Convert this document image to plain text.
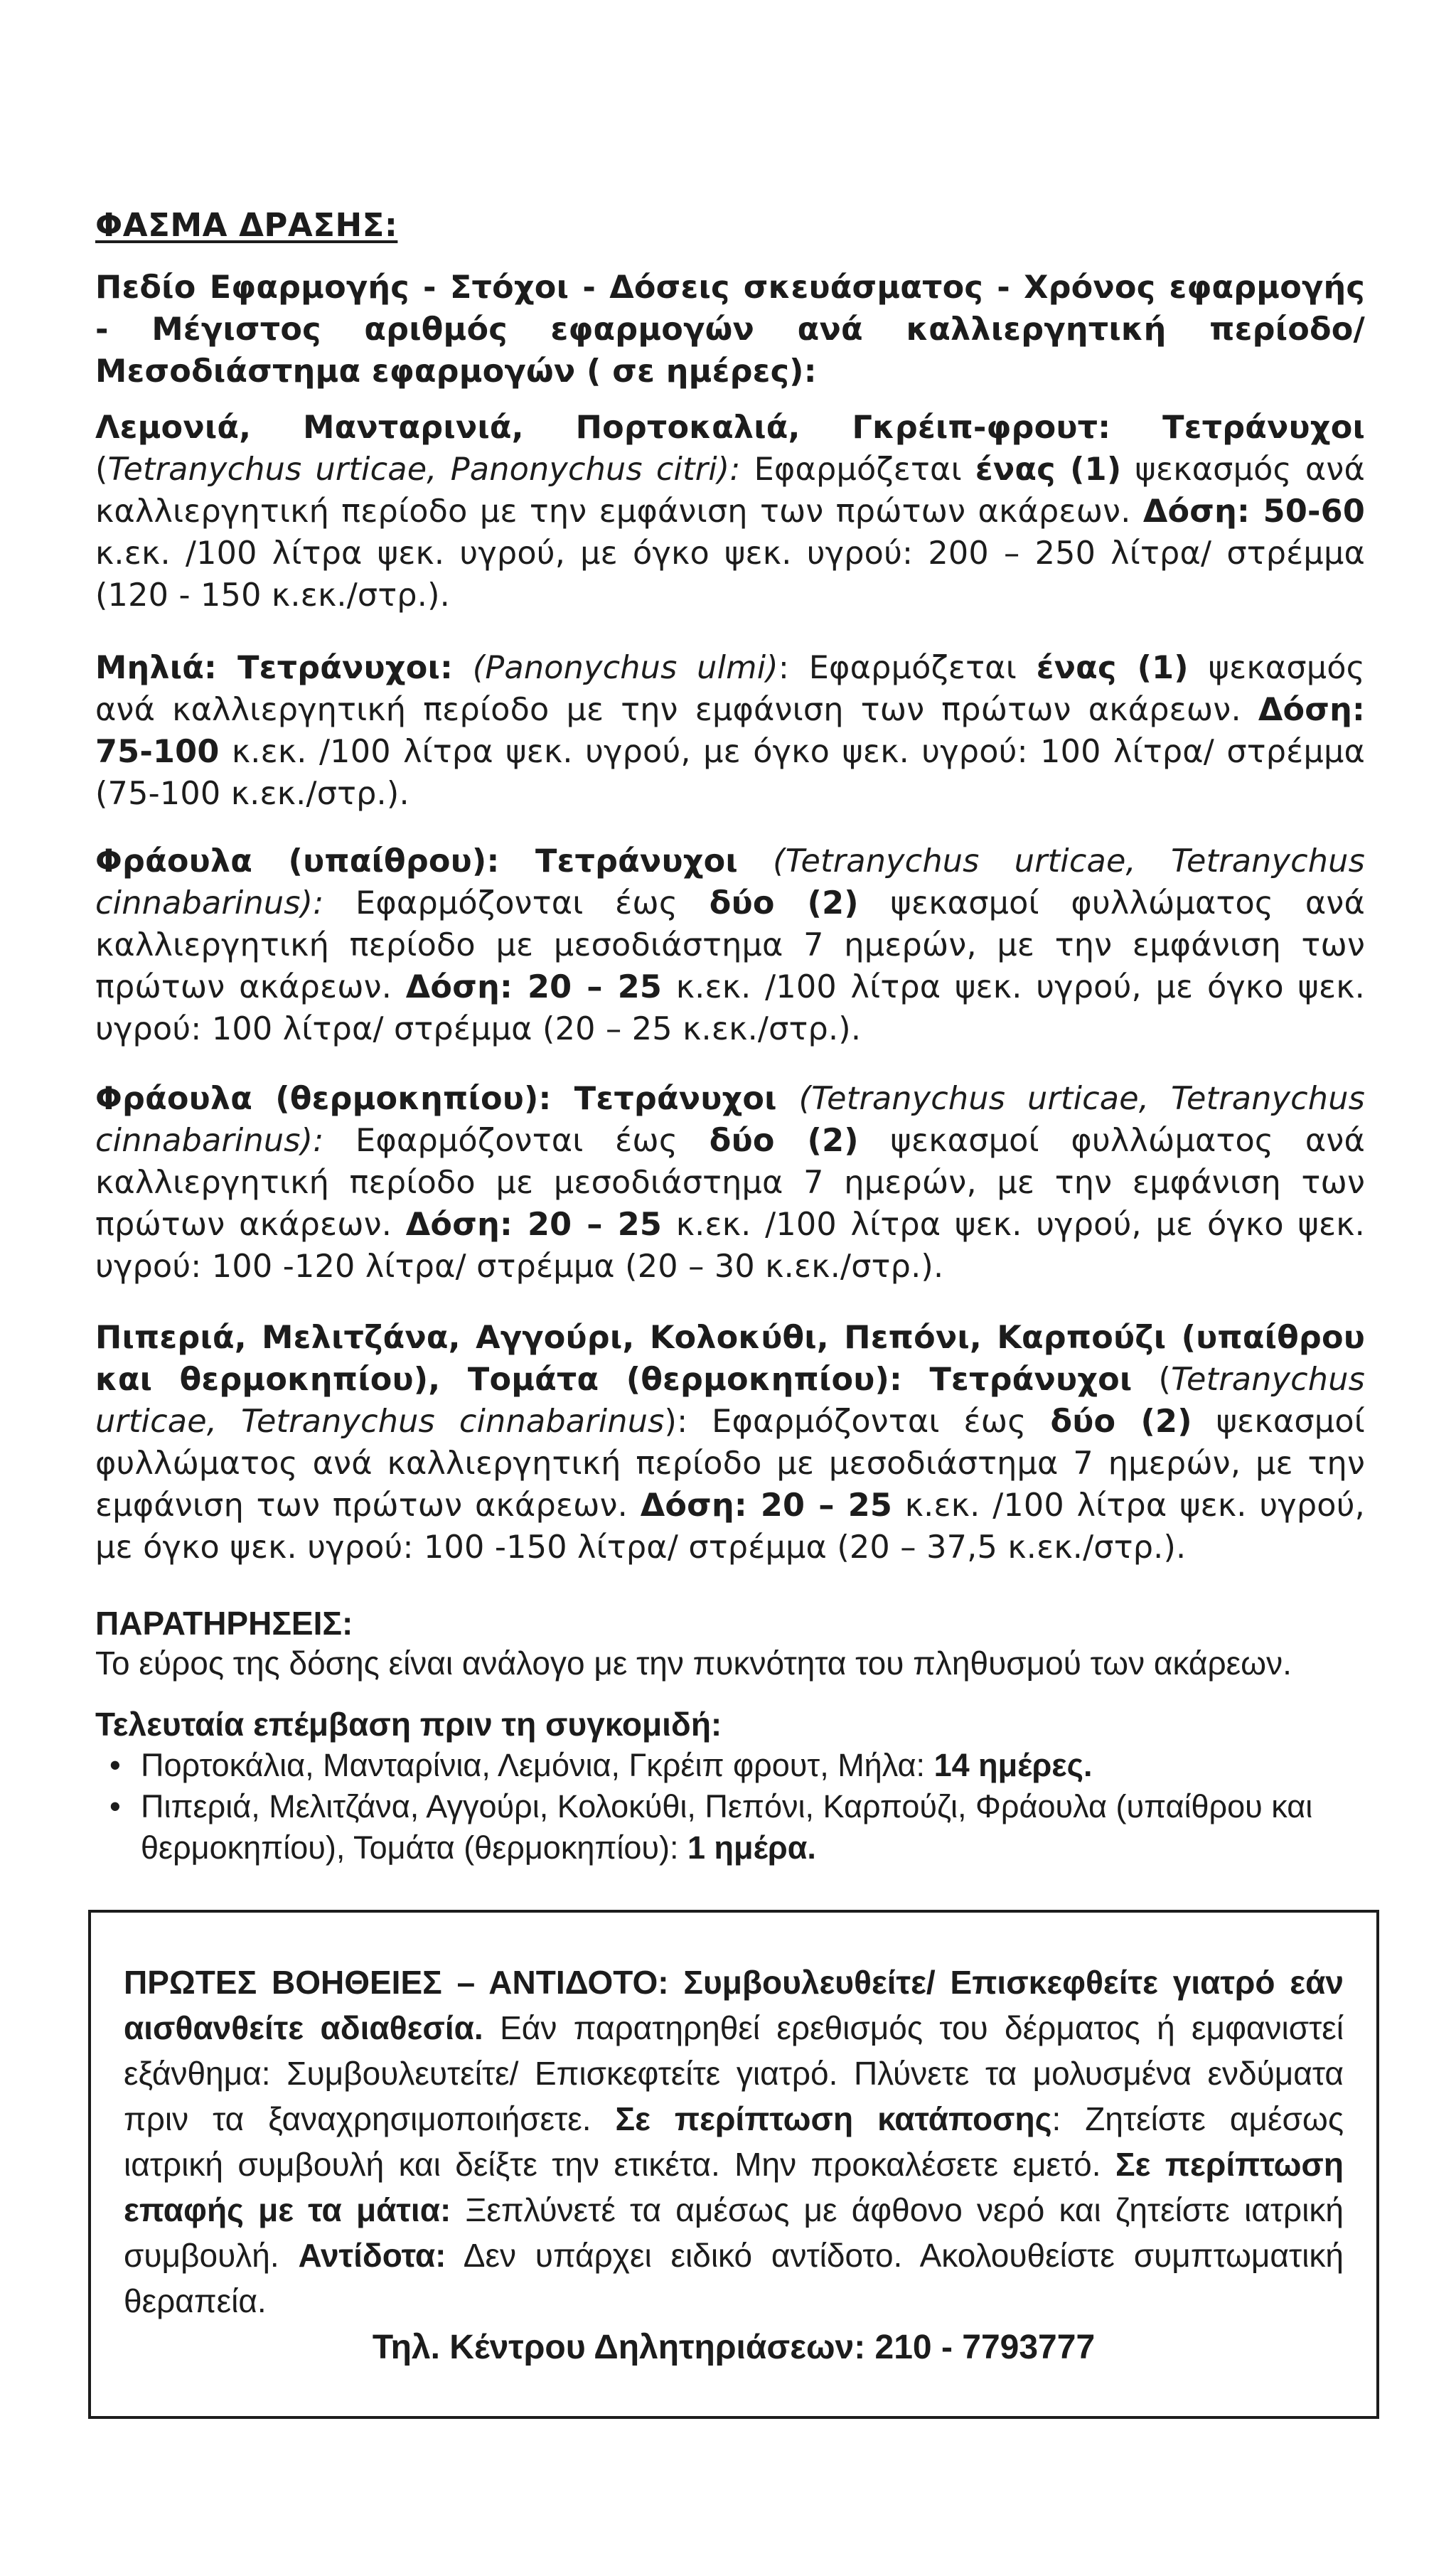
ΦΑΣΜΑ ΔΡΑΣΗΣ:
Πεδίο Εφαρμογής - Στόχοι - Δόσεις σκευάσματος - Χρόνος εφαρμογής - Μέγιστος αριθμός εφαρμογών ανά καλλιεργητική περίοδο/ Μεσοδιάστημα εφαρμογών ( σε ημέρες):
Λεμονιά, Μανταρινιά, Πορτοκαλιά, Γκρέιπ-φρουτ: Τετράνυχοι (Tetranychus urticae, Panonychus citri): Εφαρμόζεται ένας (1) ψεκασμός ανά καλλιεργητική περίοδο με την εμφάνιση των πρώτων ακάρεων. Δόση: 50-60 κ.εκ. /100 λίτρα ψεκ. υγρού, με όγκο ψεκ. υγρού: 200 – 250 λίτρα/ στρέμμα (120 - 150 κ.εκ./στρ.).
Μηλιά: Τετράνυχοι: (Panonychus ulmi): Εφαρμόζεται ένας (1) ψεκασμός ανά καλλιεργητική περίοδο με την εμφάνιση των πρώτων ακάρεων. Δόση: 75-100 κ.εκ. /100 λίτρα ψεκ. υγρού, με όγκο ψεκ. υγρού: 100 λίτρα/ στρέμμα (75-100 κ.εκ./στρ.).
Φράουλα (υπαίθρου): Τετράνυχοι (Tetranychus urticae, Tetranychus cinnabarinus): Εφαρμόζονται έως δύο (2) ψεκασμοί φυλλώματος ανά καλλιεργητική περίοδο με μεσοδιάστημα 7 ημερών, με την εμφάνιση των πρώτων ακάρεων. Δόση: 20 – 25 κ.εκ. /100 λίτρα ψεκ. υγρού, με όγκο ψεκ. υγρού: 100 λίτρα/ στρέμμα (20 – 25 κ.εκ./στρ.).
Φράουλα (θερμοκηπίου): Τετράνυχοι (Tetranychus urticae, Tetranychus cinnabarinus): Εφαρμόζονται έως δύο (2) ψεκασμοί φυλλώματος ανά καλλιεργητική περίοδο με μεσοδιάστημα 7 ημερών, με την εμφάνιση των πρώτων ακάρεων. Δόση: 20 – 25 κ.εκ. /100 λίτρα ψεκ. υγρού, με όγκο ψεκ. υγρού: 100 -120 λίτρα/ στρέμμα (20 – 30 κ.εκ./στρ.).
Πιπεριά, Μελιτζάνα, Αγγούρι, Κολοκύθι, Πεπόνι, Καρπούζι (υπαίθρου και θερμοκηπίου), Τομάτα (θερμοκηπίου): Τετράνυχοι (Tetranychus urticae, Tetranychus cinnabarinus): Εφαρμόζονται έως δύο (2) ψεκασμοί φυλλώματος ανά καλλιεργητική περίοδο με μεσοδιάστημα 7 ημερών, με την εμφάνιση των πρώτων ακάρεων. Δόση: 20 – 25 κ.εκ. /100 λίτρα ψεκ. υγρού, με όγκο ψεκ. υγρού: 100 -150 λίτρα/ στρέμμα (20 – 37,5 κ.εκ./στρ.).
ΠΑΡΑΤΗΡΗΣΕΙΣ:
Το εύρος της δόσης είναι ανάλογο με την πυκνότητα του πληθυσμού των ακάρεων.
Τελευταία επέμβαση πριν τη συγκομιδή:
• Πορτοκάλια, Μανταρίνια, Λεμόνια, Γκρέιπ φρουτ, Μήλα: 14 ημέρες.
• Πιπεριά, Μελιτζάνα, Αγγούρι, Κολοκύθι, Πεπόνι, Καρπούζι, Φράουλα (υπαίθρου και θερμοκηπίου), Τομάτα (θερμοκηπίου): 1 ημέρα.
ΠΡΩΤΕΣ ΒΟΗΘΕΙΕΣ – ΑΝΤΙΔΟΤΟ: Συμβουλευθείτε/ Επισκεφθείτε γιατρό εάν αισθανθείτε αδιαθεσία. Εάν παρατηρηθεί ερεθισμός του δέρματος ή εμφανιστεί εξάνθημα: Συμβουλευτείτε/ Επισκεφτείτε γιατρό. Πλύνετε τα μολυσμένα ενδύματα πριν τα ξαναχρησιμοποιήσετε. Σε περίπτωση κατάποσης: Ζητείστε αμέσως ιατρική συμβουλή και δείξτε την ετικέτα. Μην προκαλέσετε εμετό. Σε περίπτωση επαφής με τα μάτια: Ξεπλύνετέ τα αμέσως με άφθονο νερό και ζητείστε ιατρική συμβουλή. Αντίδοτα: Δεν υπάρχει ειδικό αντίδοτο. Ακολουθείστε συμπτωματική θεραπεία.
Τηλ. Κέντρου Δηλητηριάσεων: 210 - 7793777
